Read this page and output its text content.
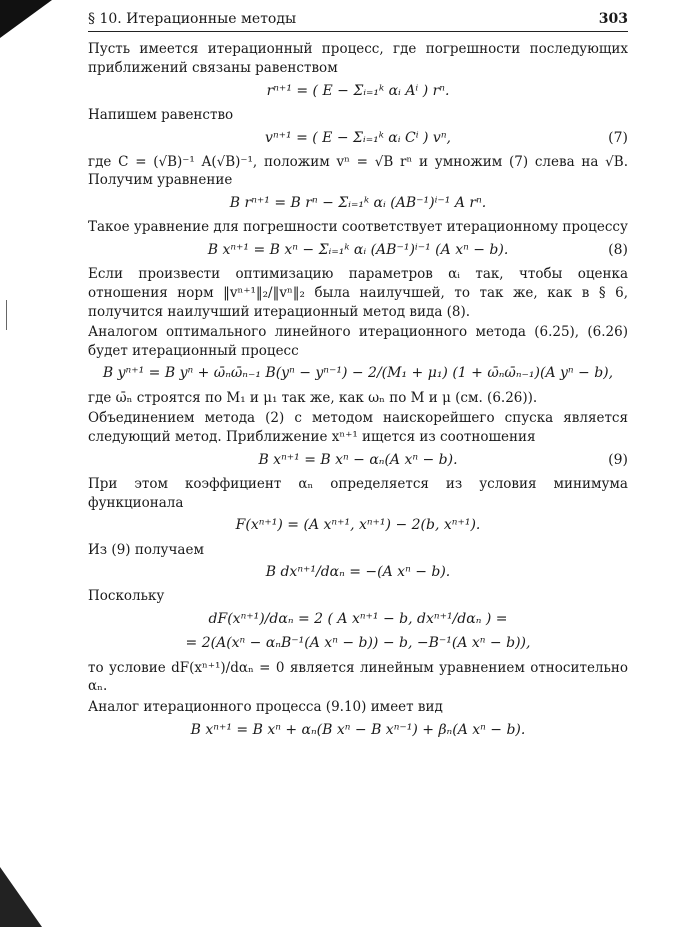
§ 10. Итерационные методы	303

Пусть имеется итерационный процесс, где погрешности последующих приближений связаны равенством

rⁿ⁺¹ = ( E − Σᵢ₌₁ᵏ αᵢ Aⁱ ) rⁿ.

Напишем равенство

vⁿ⁺¹ = ( E − Σᵢ₌₁ᵏ αᵢ Cⁱ ) vⁿ,	(7)

где C = (√B)⁻¹ A(√B)⁻¹, положим vⁿ = √B rⁿ и умножим (7) слева на √B. Получим уравнение

B rⁿ⁺¹ = B rⁿ − Σᵢ₌₁ᵏ αᵢ (AB⁻¹)ⁱ⁻¹ A rⁿ.

Такое уравнение для погрешности соответствует итерационному процессу

B xⁿ⁺¹ = B xⁿ − Σᵢ₌₁ᵏ αᵢ (AB⁻¹)ⁱ⁻¹ (A xⁿ − b).	(8)

Если произвести оптимизацию параметров αᵢ так, чтобы оценка отношения норм ‖vⁿ⁺¹‖₂/‖vⁿ‖₂ была наилучшей, то так же, как в § 6, получится наилучший итерационный метод вида (8).

Аналогом оптимального линейного итерационного метода (6.25), (6.26) будет итерационный процесс

B yⁿ⁺¹ = B yⁿ + ω̄ₙω̄ₙ₋₁ B(yⁿ − yⁿ⁻¹) − 2/(M₁ + μ₁) (1 + ω̄ₙω̄ₙ₋₁)(A yⁿ − b),

где ω̄ₙ строятся по M₁ и μ₁ так же, как ωₙ по M и μ (см. (6.26)).

Объединением метода (2) с методом наискорейшего спуска является следующий метод. Приближение xⁿ⁺¹ ищется из соотношения

B xⁿ⁺¹ = B xⁿ − αₙ(A xⁿ − b).	(9)

При этом коэффициент αₙ определяется из условия минимума функционала

F(xⁿ⁺¹) = (A xⁿ⁺¹, xⁿ⁺¹) − 2(b, xⁿ⁺¹).

Из (9) получаем

B dxⁿ⁺¹/dαₙ = −(A xⁿ − b).

Поскольку

dF(xⁿ⁺¹)/dαₙ = 2 ( A xⁿ⁺¹ − b, dxⁿ⁺¹/dαₙ ) =
= 2(A(xⁿ − αₙB⁻¹(A xⁿ − b)) − b, −B⁻¹(A xⁿ − b)),

то условие dF(xⁿ⁺¹)/dαₙ = 0 является линейным уравнением относительно αₙ.

Аналог итерационного процесса (9.10) имеет вид

B xⁿ⁺¹ = B xⁿ + αₙ(B xⁿ − B xⁿ⁻¹) + βₙ(A xⁿ − b).
